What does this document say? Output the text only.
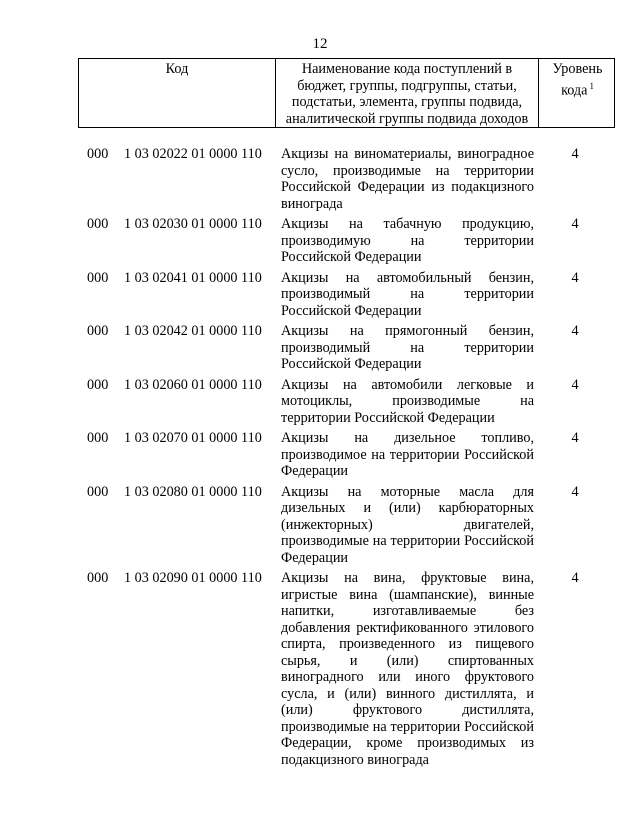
12
Код	Наименование кода поступлений в бюджет, группы, подгруппы, статьи, подстатьи, элемента, группы подвида, аналитической группы подвида доходов
Уровень кода $^1$
000 1 03 02022 01 0000 110 Акцизы на виноматериалы, виноградное сусло, производимые на территории Российской Федерации из подакцизного винограда
4
000 1 03 02030 01 0000 110 Акцизы на табачную продукцию, производимую на территории Российской Федерации
4
000 1 03 02041 01 0000 110 Акцизы на автомобильный бензин, производимый на территории Российской Федерации
4
000 1 03 02042 01 0000 110 Акцизы на прямогонный бензин, производимый на территории Российской Федерации
4
000 1 03 02060 01 0000 110 Акцизы на автомобили легковые и мотоциклы, производимые на территории Российской Федерации
4
000 1 03 02070 01 0000 110 Акцизы на дизельное топливо, производимое на территории Российской Федерации
4
000 1 03 02080 01 0000 110 Акцизы на моторные масла для дизельных и (или) карбюраторных (инжекторных) двигателей, производимые на территории Российской Федерации
4
000 1 03 02090 01 0000 110 Акцизы на вина, фруктовые вина, игристые вина (шампанские), винные напитки, изготавливаемые без добавления ректификованного этилового спирта, произведенного из пищевого сырья, и (или) спиртованных виноградного или иного фруктового сусла, и (или) винного дистиллята, и (или) фруктового дистиллята, производимые на территории Российской Федерации, кроме производимых из подакцизного винограда
4
